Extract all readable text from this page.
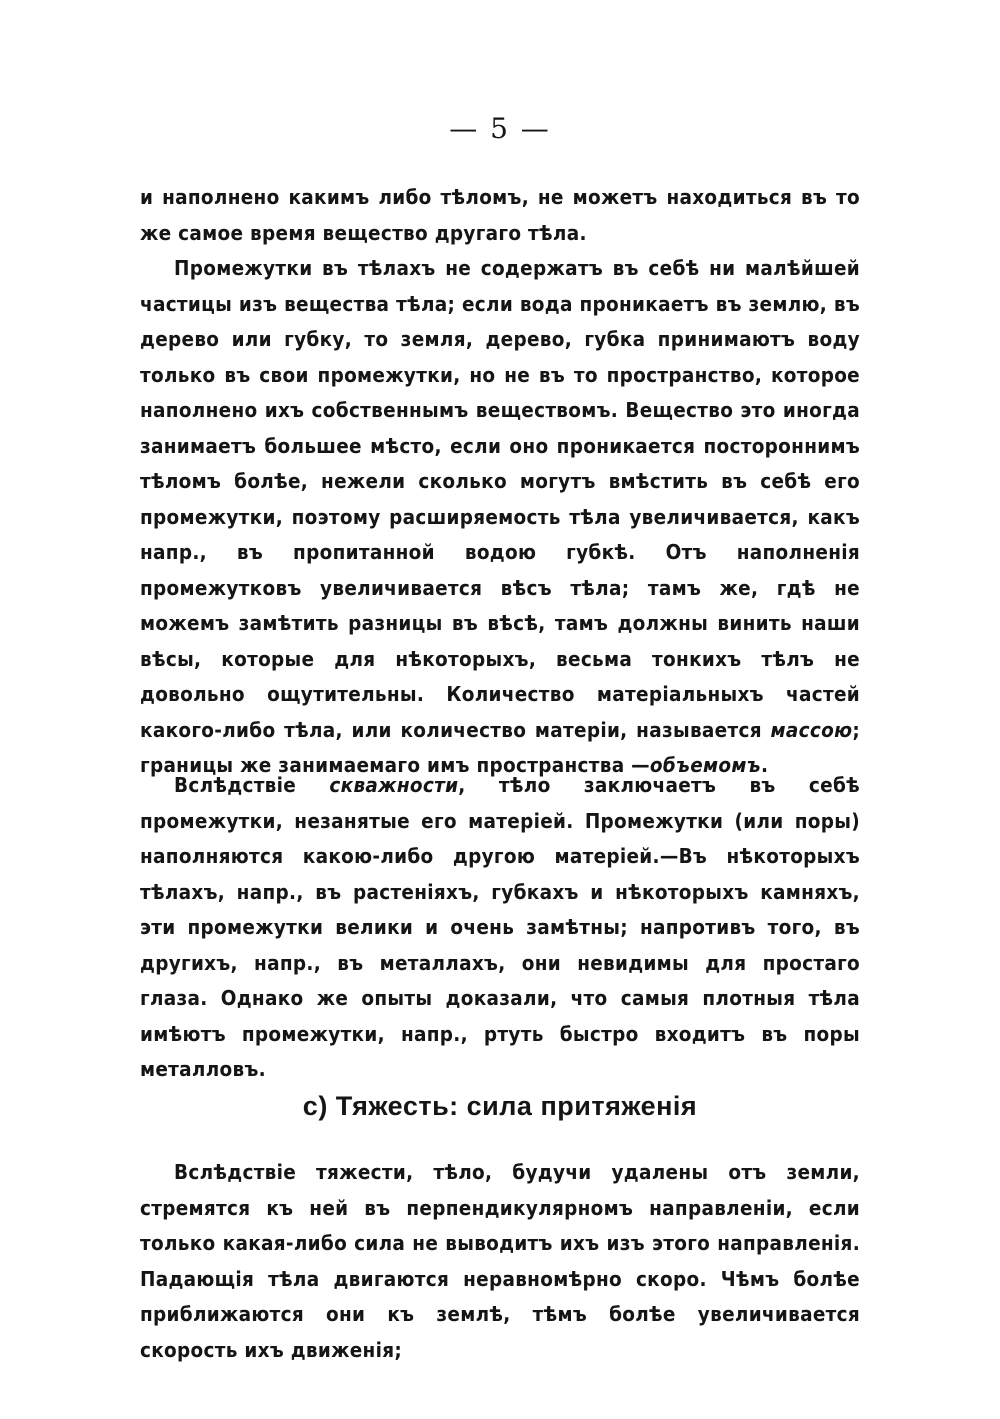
— 5 —

и наполнено какимъ либо тѣломъ, не можетъ находиться въ то же самое время вещество другаго тѣла.

Промежутки въ тѣлахъ не содержатъ въ себѣ ни малѣйшей частицы изъ вещества тѣла; если вода проникаетъ въ землю, въ дерево или губку, то земля, дерево, губка принимаютъ воду только въ свои промежутки, но не въ то пространство, которое наполнено ихъ собственнымъ веществомъ. Вещество это иногда занимаетъ большее мѣсто, если оно проникается постороннимъ тѣломъ болѣе, нежели сколько могутъ вмѣстить въ себѣ его промежутки, поэтому расширяемость тѣла увеличивается, какъ напр., въ пропитанной водою губкѣ. Отъ наполненія промежутковъ увеличивается вѣсъ тѣла; тамъ же, гдѣ не можемъ замѣтить разницы въ вѣсѣ, тамъ должны винить наши вѣсы, которые для нѣкоторыхъ, весьма тонкихъ тѣлъ не довольно ощутительны. Количество матеріальныхъ частей какого-либо тѣла, или количество матеріи, называется массою; границы же занимаемаго имъ пространства —объемомъ.

Вслѣдствіе скважности, тѣло заключаетъ въ себѣ промежутки, незанятые его матеріей. Промежутки (или поры) наполняются какою-либо другою матеріей.—Въ нѣкоторыхъ тѣлахъ, напр., въ растеніяхъ, губкахъ и нѣкоторыхъ камняхъ, эти промежутки велики и очень замѣтны; напротивъ того, въ другихъ, напр., въ металлахъ, они невидимы для простаго глаза. Однако же опыты доказали, что самыя плотныя тѣла имѣютъ промежутки, напр., ртуть быстро входитъ въ поры металловъ.

с) Тяжесть: сила притяженія

Вслѣдствіе тяжести, тѣло, будучи удалены отъ земли, стремятся къ ней въ перпендикулярномъ направленіи, если только какая-либо сила не выводитъ ихъ изъ этого направленія. Падающія тѣла двигаются неравномѣрно скоро. Чѣмъ болѣе приближаются они къ землѣ, тѣмъ болѣе увеличивается скорость ихъ движенія;
